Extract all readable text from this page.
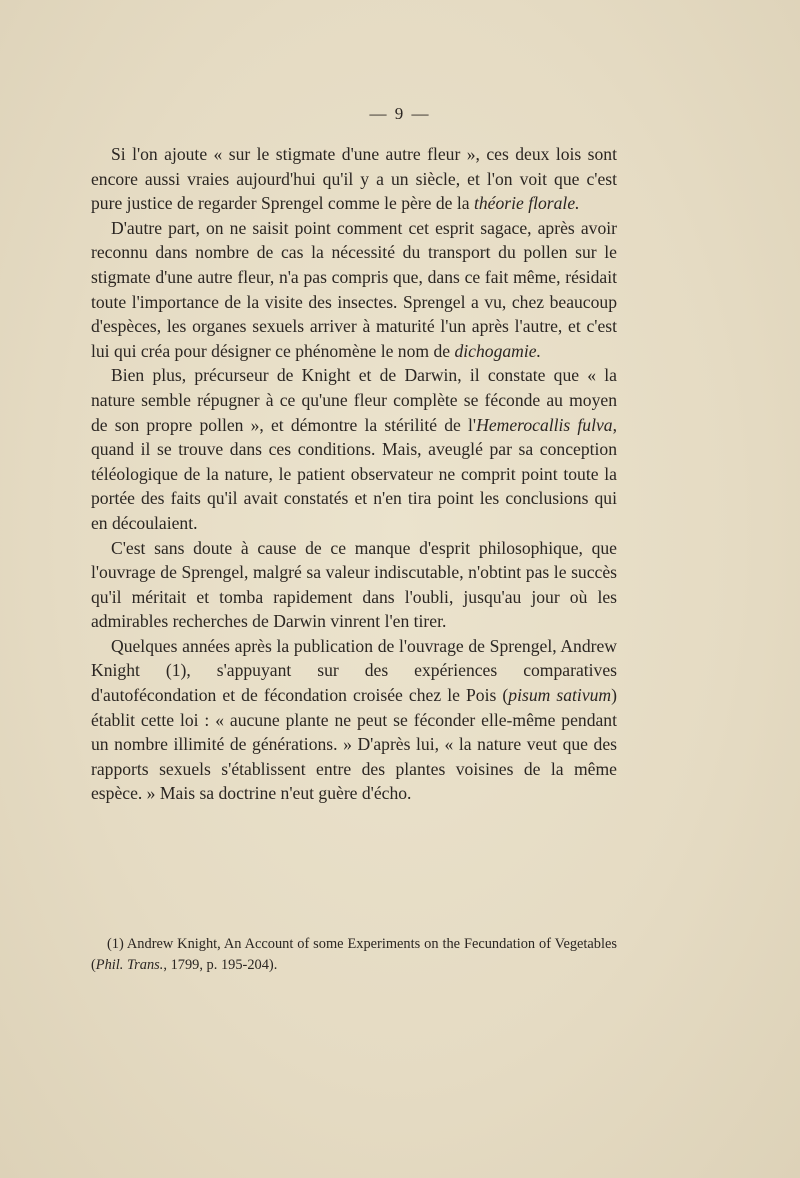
— 9 —

Si l'on ajoute « sur le stigmate d'une autre fleur », ces deux lois sont encore aussi vraies aujourd'hui qu'il y a un siècle, et l'on voit que c'est pure justice de regarder Sprengel comme le père de la théorie florale.

D'autre part, on ne saisit point comment cet esprit sagace, après avoir reconnu dans nombre de cas la nécessité du transport du pollen sur le stigmate d'une autre fleur, n'a pas compris que, dans ce fait même, résidait toute l'importance de la visite des insectes. Sprengel a vu, chez beaucoup d'espèces, les organes sexuels arriver à maturité l'un après l'autre, et c'est lui qui créa pour désigner ce phénomène le nom de dichogamie.

Bien plus, précurseur de Knight et de Darwin, il constate que « la nature semble répugner à ce qu'une fleur complète se féconde au moyen de son propre pollen », et démontre la stérilité de l'Hemerocallis fulva, quand il se trouve dans ces conditions. Mais, aveuglé par sa conception téléologique de la nature, le patient observateur ne comprit point toute la portée des faits qu'il avait constatés et n'en tira point les conclusions qui en découlaient.

C'est sans doute à cause de ce manque d'esprit philosophique, que l'ouvrage de Sprengel, malgré sa valeur indiscutable, n'obtint pas le succès qu'il méritait et tomba rapidement dans l'oubli, jusqu'au jour où les admirables recherches de Darwin vinrent l'en tirer.

Quelques années après la publication de l'ouvrage de Sprengel, Andrew Knight (1), s'appuyant sur des expériences comparatives d'autofécondation et de fécondation croisée chez le Pois (pisum sativum) établit cette loi : « aucune plante ne peut se féconder elle-même pendant un nombre illimité de générations. » D'après lui, « la nature veut que des rapports sexuels s'établissent entre des plantes voisines de la même espèce. » Mais sa doctrine n'eut guère d'écho.

(1) Andrew Knight, An Account of some Experiments on the Fecundation of Vegetables (Phil. Trans., 1799, p. 195-204).
